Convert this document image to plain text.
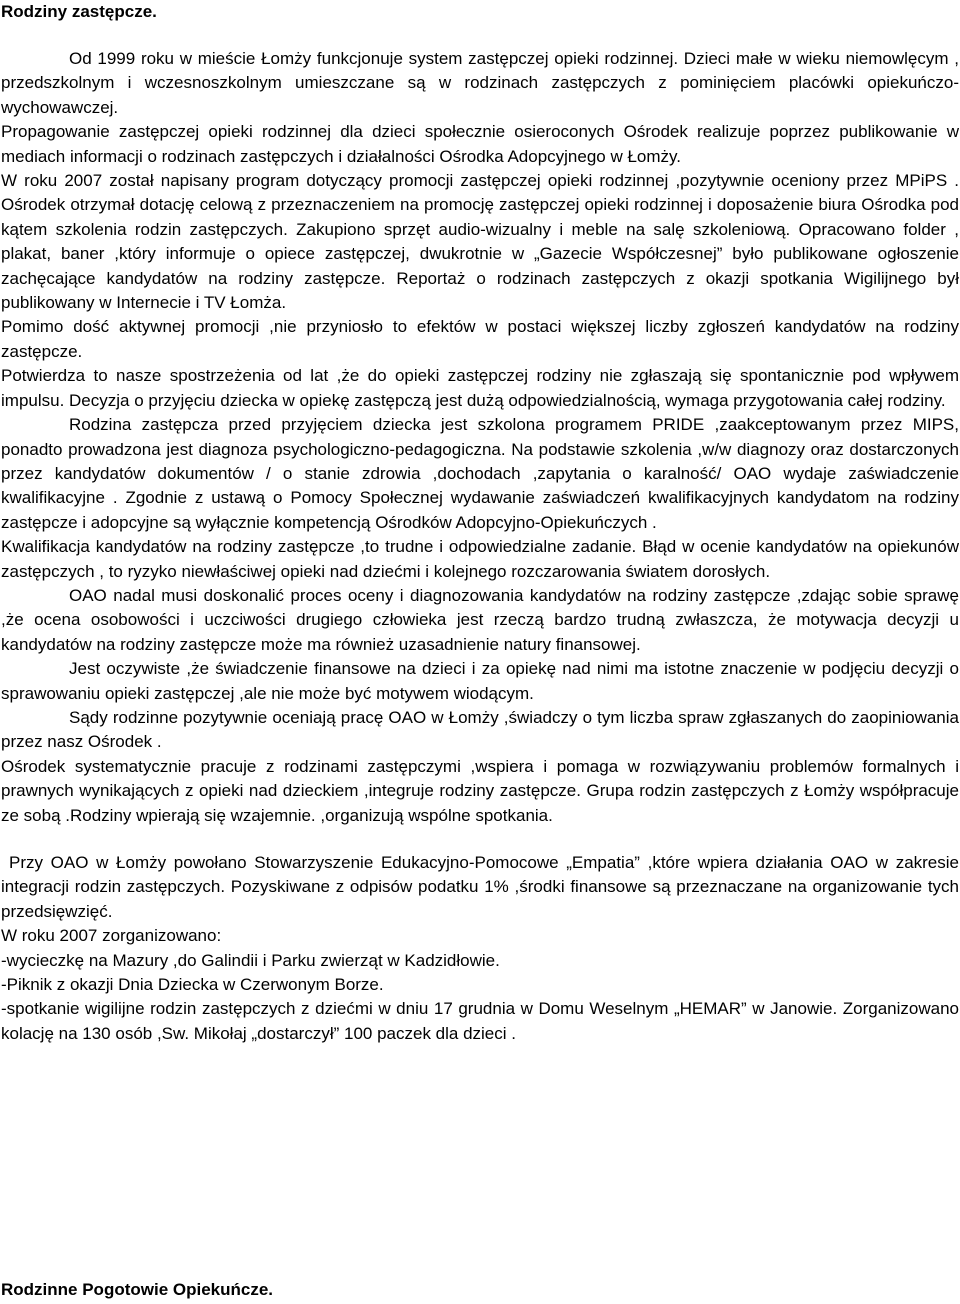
Rodziny zastępcze.

Od 1999 roku w mieście Łomży funkcjonuje system zastępczej opieki rodzinnej. Dzieci małe w wieku niemowlęcym , przedszkolnym i wczesnoszkolnym umieszczane są w rodzinach zastępczych z pominięciem placówki opiekuńczo- wychowawczej.

Propagowanie zastępczej opieki rodzinnej dla dzieci społecznie osieroconych Ośrodek realizuje poprzez publikowanie w mediach informacji o rodzinach zastępczych i działalności Ośrodka Adopcyjnego w Łomży.

W roku 2007 został napisany program dotyczący promocji zastępczej opieki rodzinnej ,pozytywnie oceniony przez MPiPS . Ośrodek otrzymał dotację celową z przeznaczeniem na promocję zastępczej opieki rodzinnej i doposażenie biura Ośrodka pod kątem szkolenia rodzin zastępczych. Zakupiono sprzęt audio-wizualny i meble na salę szkoleniową. Opracowano folder , plakat, baner ,który informuje o opiece zastępczej, dwukrotnie w „Gazecie Współczesnej” było publikowane ogłoszenie zachęcające kandydatów na rodziny zastępcze. Reportaż o rodzinach zastępczych z okazji spotkania Wigilijnego był publikowany w Internecie i TV Łomża.

Pomimo dość aktywnej promocji ,nie przyniosło to efektów w postaci większej liczby zgłoszeń kandydatów na rodziny zastępcze.

Potwierdza to nasze spostrzeżenia od lat ,że do opieki zastępczej rodziny nie zgłaszają się spontanicznie pod wpływem impulsu. Decyzja o przyjęciu dziecka w opiekę zastępczą jest dużą odpowiedzialnością, wymaga przygotowania całej rodziny.

Rodzina zastępcza przed przyjęciem dziecka jest szkolona programem PRIDE ,zaakceptowanym przez MIPS, ponadto prowadzona jest diagnoza psychologiczno-pedagogiczna. Na podstawie szkolenia ,w/w diagnozy oraz dostarczonych przez kandydatów dokumentów / o stanie zdrowia ,dochodach ,zapytania o karalność/ OAO wydaje zaświadczenie kwalifikacyjne . Zgodnie z ustawą o Pomocy Społecznej wydawanie zaświadczeń kwalifikacyjnych kandydatom na rodziny zastępcze i adopcyjne są wyłącznie kompetencją Ośrodków Adopcyjno-Opiekuńczych .

Kwalifikacja kandydatów na rodziny zastępcze ,to trudne i odpowiedzialne zadanie. Błąd w ocenie kandydatów na opiekunów zastępczych , to ryzyko niewłaściwej opieki nad dziećmi i kolejnego rozczarowania światem dorosłych.

OAO nadal musi doskonalić proces oceny i diagnozowania kandydatów na rodziny zastępcze ,zdając sobie sprawę ,że ocena osobowości i uczciwości drugiego człowieka jest rzeczą bardzo trudną zwłaszcza, że motywacja decyzji u kandydatów na rodziny zastępcze może ma również uzasadnienie natury finansowej.

Jest oczywiste ,że świadczenie finansowe na dzieci i za opiekę nad nimi ma istotne znaczenie w podjęciu decyzji o sprawowaniu opieki zastępczej ,ale nie może być motywem wiodącym.

Sądy rodzinne pozytywnie oceniają pracę OAO w Łomży ,świadczy o tym liczba spraw zgłaszanych do zaopiniowania przez nasz Ośrodek .

Ośrodek systematycznie pracuje z rodzinami zastępczymi ,wspiera i pomaga w rozwiązywaniu problemów formalnych i prawnych wynikających z opieki nad dzieckiem ,integruje rodziny zastępcze. Grupa rodzin zastępczych z Łomży współpracuje ze sobą .Rodziny wpierają się wzajemnie. ,organizują wspólne spotkania.

Przy OAO w Łomży powołano Stowarzyszenie Edukacyjno-Pomocowe „Empatia” ,które wpiera działania OAO w zakresie integracji rodzin zastępczych. Pozyskiwane z odpisów podatku 1% ,środki finansowe są przeznaczane na organizowanie tych przedsięwzięć.

W roku 2007 zorganizowano:

-wycieczkę na Mazury ,do Galindii i Parku zwierząt w Kadzidłowie.

-Piknik z okazji Dnia Dziecka w Czerwonym Borze.

-spotkanie wigilijne rodzin zastępczych z dziećmi w dniu 17 grudnia w Domu Weselnym „HEMAR” w Janowie. Zorganizowano kolację na 130 osób ,Sw. Mikołaj „dostarczył” 100 paczek dla dzieci .

Rodzinne Pogotowie Opiekuńcze.
